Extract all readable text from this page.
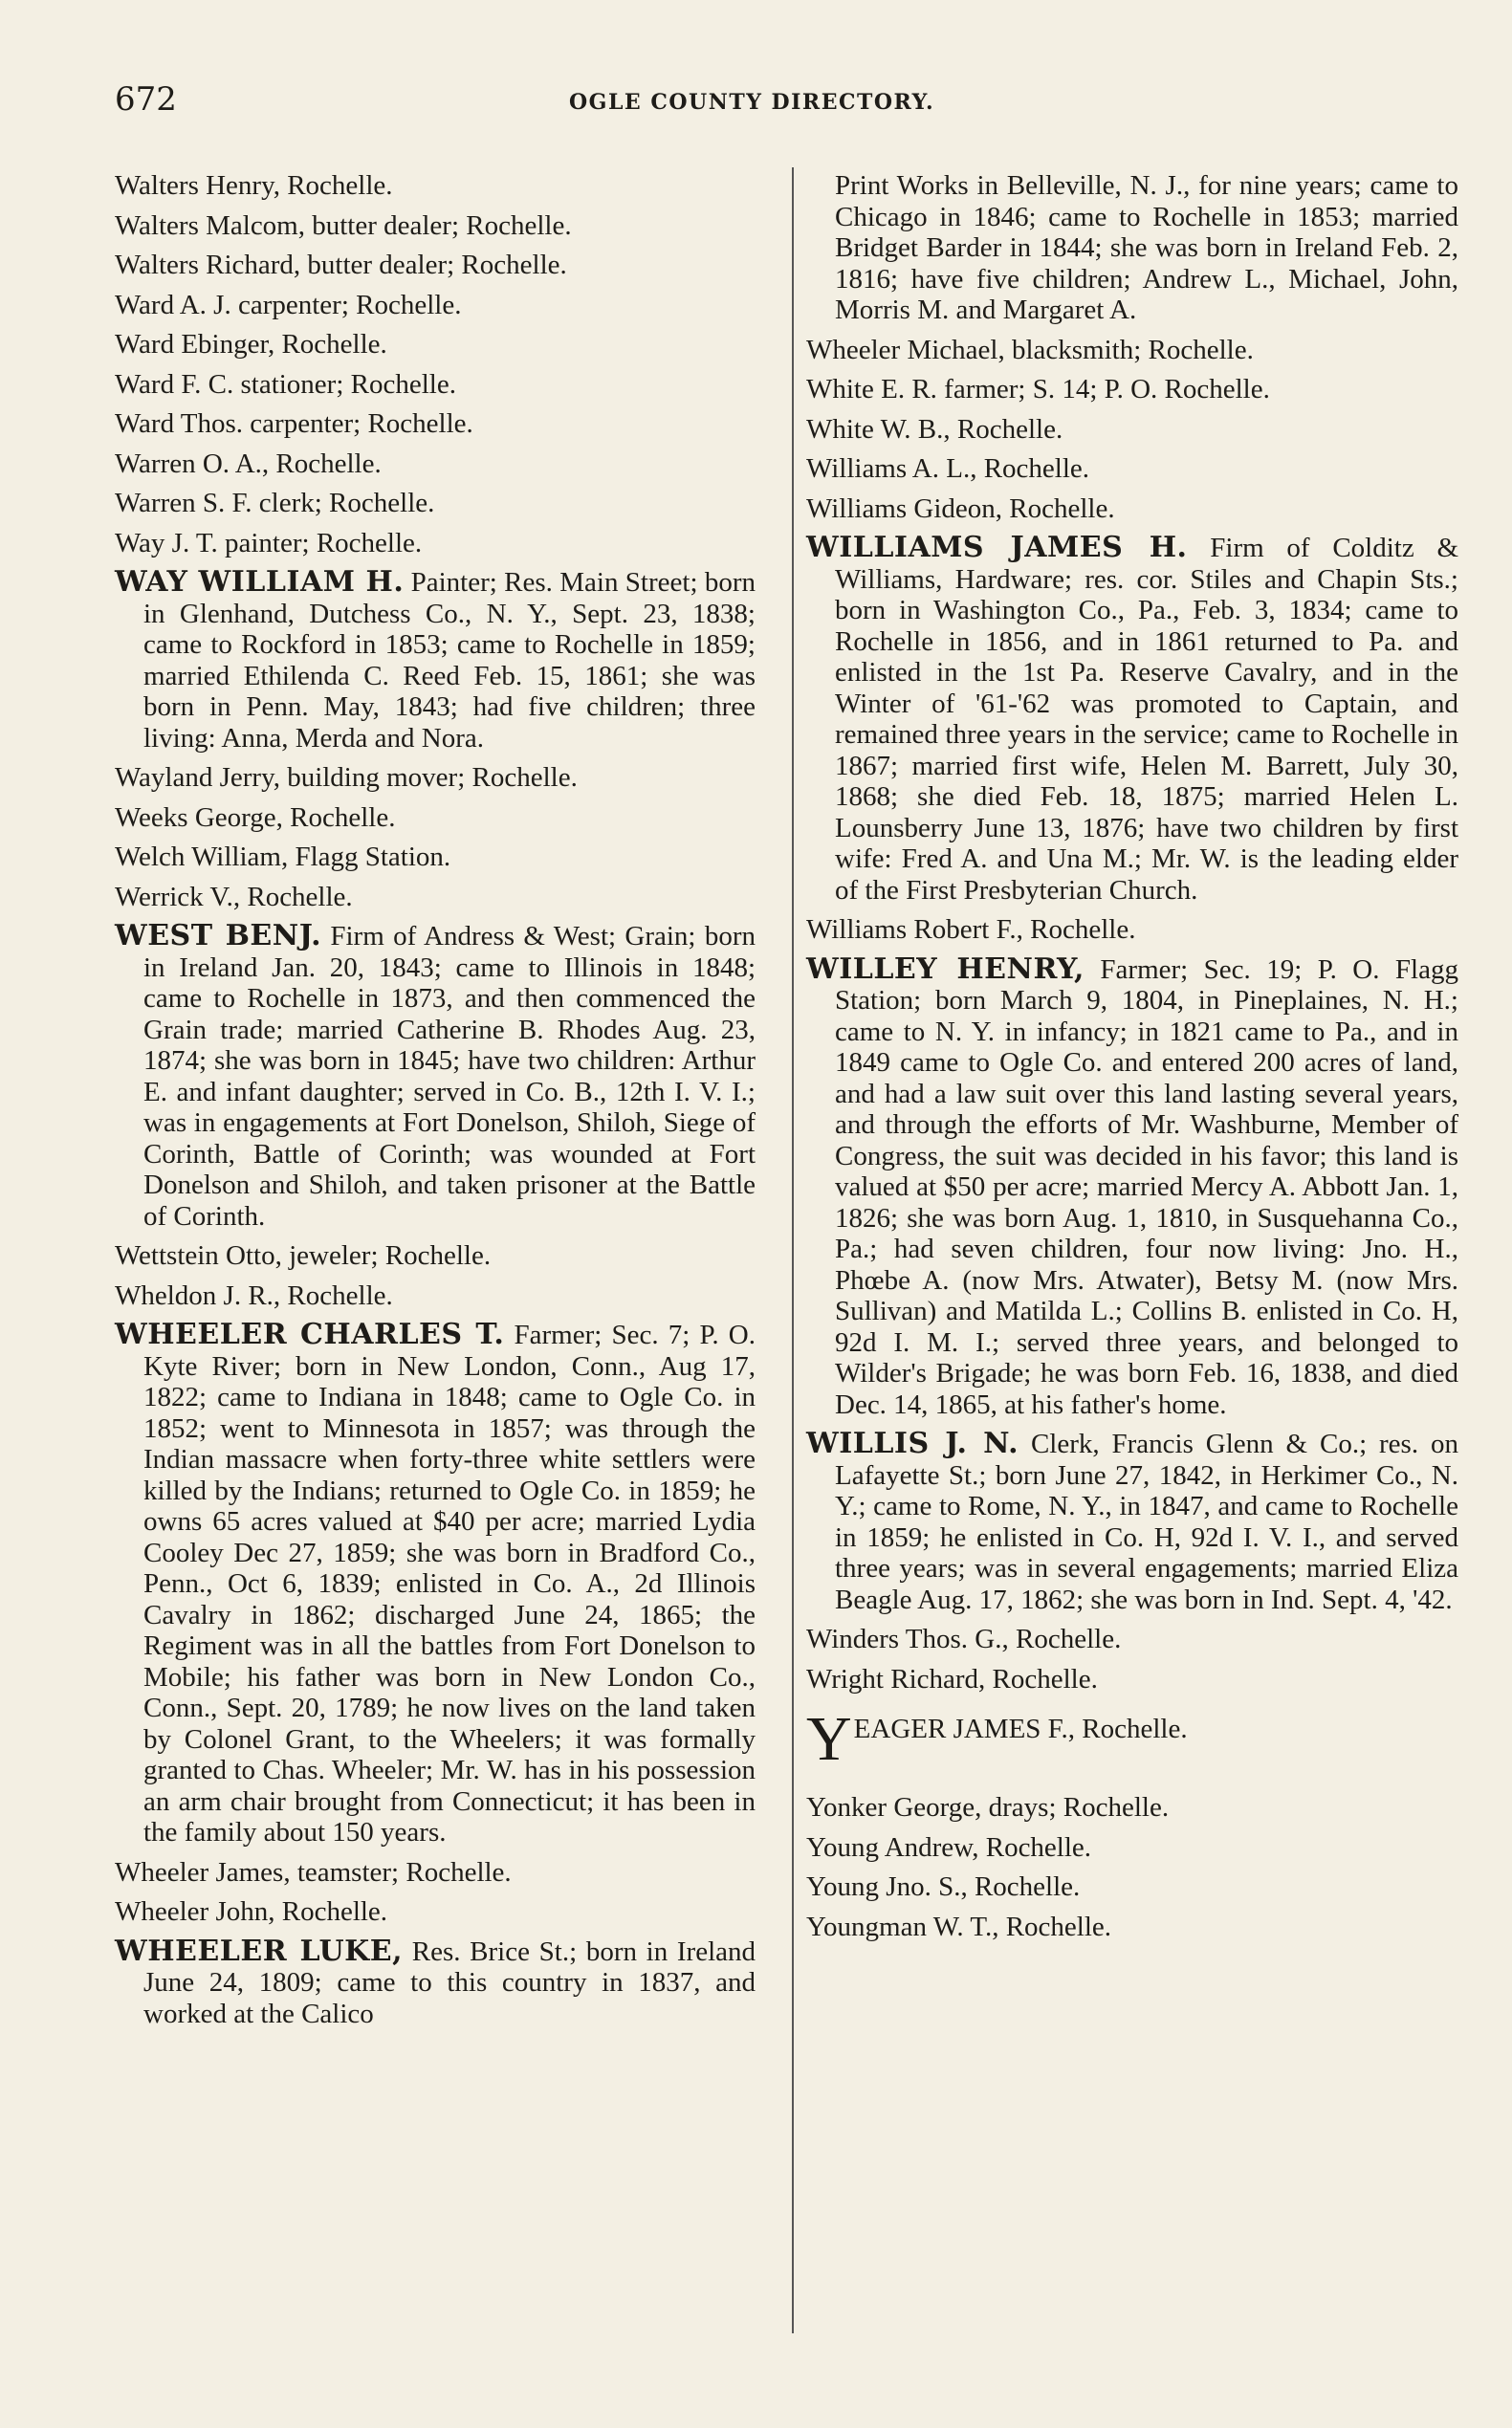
672	OGLE COUNTY DIRECTORY.
Walters Henry, Rochelle.
Walters Malcom, butter dealer; Rochelle.
Walters Richard, butter dealer; Rochelle.
Ward A. J. carpenter; Rochelle.
Ward Ebinger, Rochelle.
Ward F. C. stationer; Rochelle.
Ward Thos. carpenter; Rochelle.
Warren O. A., Rochelle.
Warren S. F. clerk; Rochelle.
Way J. T. painter; Rochelle.
WAY WILLIAM H. Painter; Res. Main Street; born in Glenhand, Dutchess Co., N. Y., Sept. 23, 1838; came to Rockford in 1853; came to Rochelle in 1859; married Ethilenda C. Reed Feb. 15, 1861; she was born in Penn. May, 1843; had five children; three living: Anna, Merda and Nora.
Wayland Jerry, building mover; Rochelle.
Weeks George, Rochelle.
Welch William, Flagg Station.
Werrick V., Rochelle.
WEST BENJ. Firm of Andress & West; Grain; born in Ireland Jan. 20, 1843; came to Illinois in 1848; came to Rochelle in 1873, and then commenced the Grain trade; married Catherine B. Rhodes Aug. 23, 1874; she was born in 1845; have two children: Arthur E. and infant daughter; served in Co. B., 12th I. V. I.; was in engagements at Fort Donelson, Shiloh, Siege of Corinth, Battle of Corinth; was wounded at Fort Donelson and Shiloh, and taken prisoner at the Battle of Corinth.
Wettstein Otto, jeweler; Rochelle.
Wheldon J. R., Rochelle.
WHEELER CHARLES T. Farmer; Sec. 7; P. O. Kyte River; born in New London, Conn., Aug 17, 1822; came to Indiana in 1848; came to Ogle Co. in 1852; went to Minnesota in 1857; was through the Indian massacre when forty-three white settlers were killed by the Indians; returned to Ogle Co. in 1859; he owns 65 acres valued at $40 per acre; married Lydia Cooley Dec 27, 1859; she was born in Bradford Co., Penn., Oct 6, 1839; enlisted in Co. A., 2d Illinois Cavalry in 1862; discharged June 24, 1865; the Regiment was in all the battles from Fort Donelson to Mobile; his father was born in New London Co., Conn., Sept. 20, 1789; he now lives on the land taken by Colonel Grant, to the Wheelers; it was formally granted to Chas. Wheeler; Mr. W. has in his possession an arm chair brought from Connecticut; it has been in the family about 150 years.
Wheeler James, teamster; Rochelle.
Wheeler John, Rochelle.
WHEELER LUKE, Res. Brice St.; born in Ireland June 24, 1809; came to this country in 1837, and worked at the Calico
Print Works in Belleville, N. J., for nine years; came to Chicago in 1846; came to Rochelle in 1853; married Bridget Barder in 1844; she was born in Ireland Feb. 2, 1816; have five children; Andrew L., Michael, John, Morris M. and Margaret A.
Wheeler Michael, blacksmith; Rochelle.
White E. R. farmer; S. 14; P. O. Rochelle.
White W. B., Rochelle.
Williams A. L., Rochelle.
Williams Gideon, Rochelle.
WILLIAMS JAMES H. Firm of Colditz & Williams, Hardware; res. cor. Stiles and Chapin Sts.; born in Washington Co., Pa., Feb. 3, 1834; came to Rochelle in 1856, and in 1861 returned to Pa. and enlisted in the 1st Pa. Reserve Cavalry, and in the Winter of '61-'62 was promoted to Captain, and remained three years in the service; came to Rochelle in 1867; married first wife, Helen M. Barrett, July 30, 1868; she died Feb. 18, 1875; married Helen L. Lounsberry June 13, 1876; have two children by first wife: Fred A. and Una M.; Mr. W. is the leading elder of the First Presbyterian Church.
Williams Robert F., Rochelle.
WILLEY HENRY, Farmer; Sec. 19; P. O. Flagg Station; born March 9, 1804, in Pineplaines, N. H.; came to N. Y. in infancy; in 1821 came to Pa., and in 1849 came to Ogle Co. and entered 200 acres of land, and had a law suit over this land lasting several years, and through the efforts of Mr. Washburne, Member of Congress, the suit was decided in his favor; this land is valued at $50 per acre; married Mercy A. Abbott Jan. 1, 1826; she was born Aug. 1, 1810, in Susquehanna Co., Pa.; had seven children, four now living: Jno. H., Phœbe A. (now Mrs. Atwater), Betsy M. (now Mrs. Sullivan) and Matilda L.; Collins B. enlisted in Co. H, 92d I. M. I.; served three years, and belonged to Wilder's Brigade; he was born Feb. 16, 1838, and died Dec. 14, 1865, at his father's home.
WILLIS J. N. Clerk, Francis Glenn & Co.; res. on Lafayette St.; born June 27, 1842, in Herkimer Co., N. Y.; came to Rome, N. Y., in 1847, and came to Rochelle in 1859; he enlisted in Co. H, 92d I. V. I., and served three years; was in several engagements; married Eliza Beagle Aug. 17, 1862; she was born in Ind. Sept. 4, '42.
Winders Thos. G., Rochelle.
Wright Richard, Rochelle.
YEAGER JAMES F., Rochelle.
Yonker George, drays; Rochelle.
Young Andrew, Rochelle.
Young Jno. S., Rochelle.
Youngman W. T., Rochelle.
